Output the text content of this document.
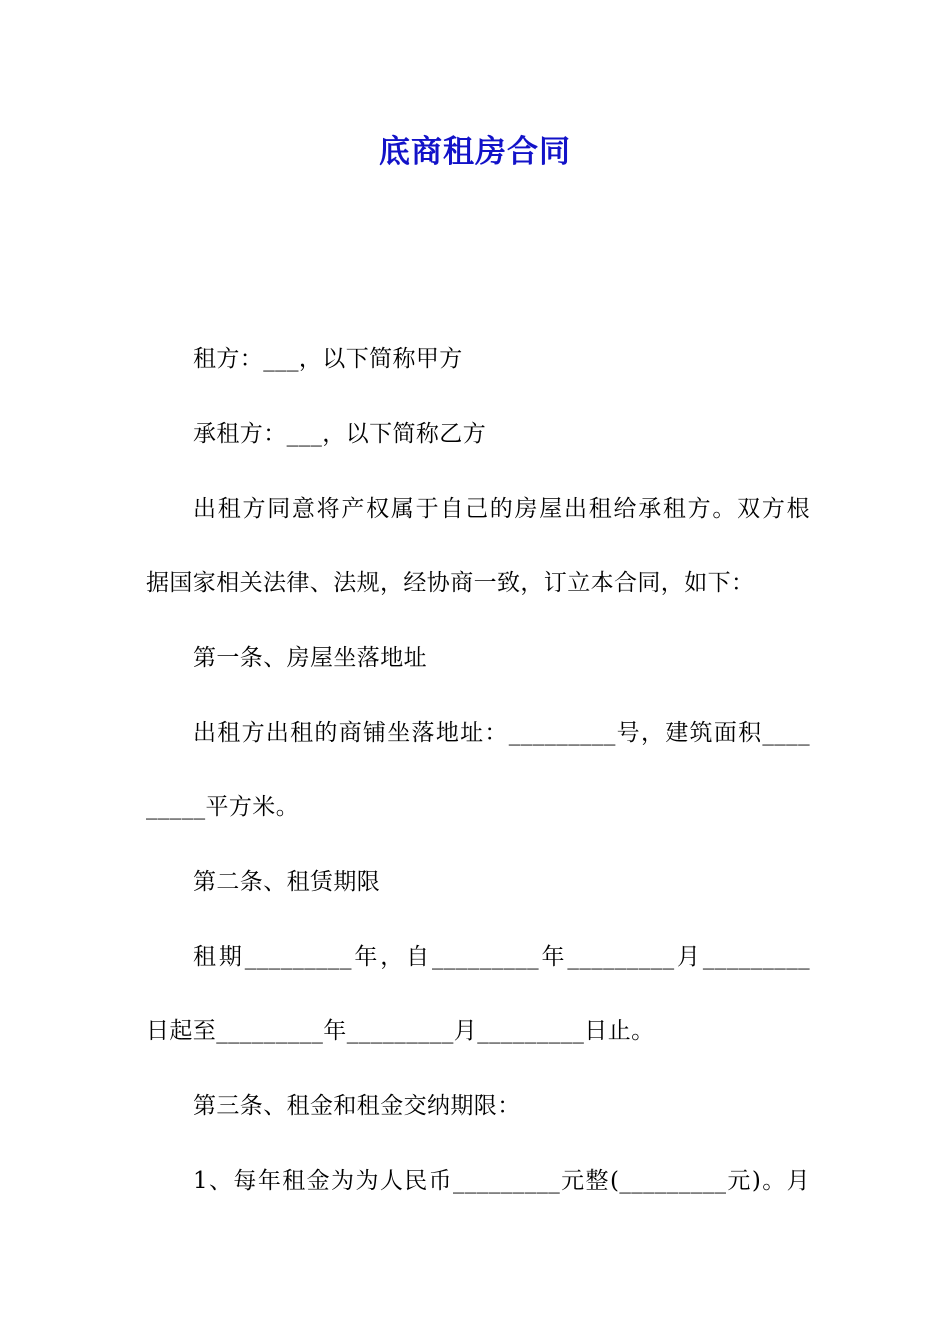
底商租房合同
租方：___，以下简称甲方
承租方：___，以下简称乙方
出租方同意将产权属于自己的房屋出租给承租方。双方根
据国家相关法律、法规，经协商一致，订立本合同，如下：
第一条、房屋坐落地址
出租方出租的商铺坐落地址：_________号，建筑面积____
_____平方米。
第二条、租赁期限
租期_________年，自_________年_________月_________
日起至_________年_________月_________日止。
第三条、租金和租金交纳期限：
1、每年租金为为人民币_________元整(_________元)。月
